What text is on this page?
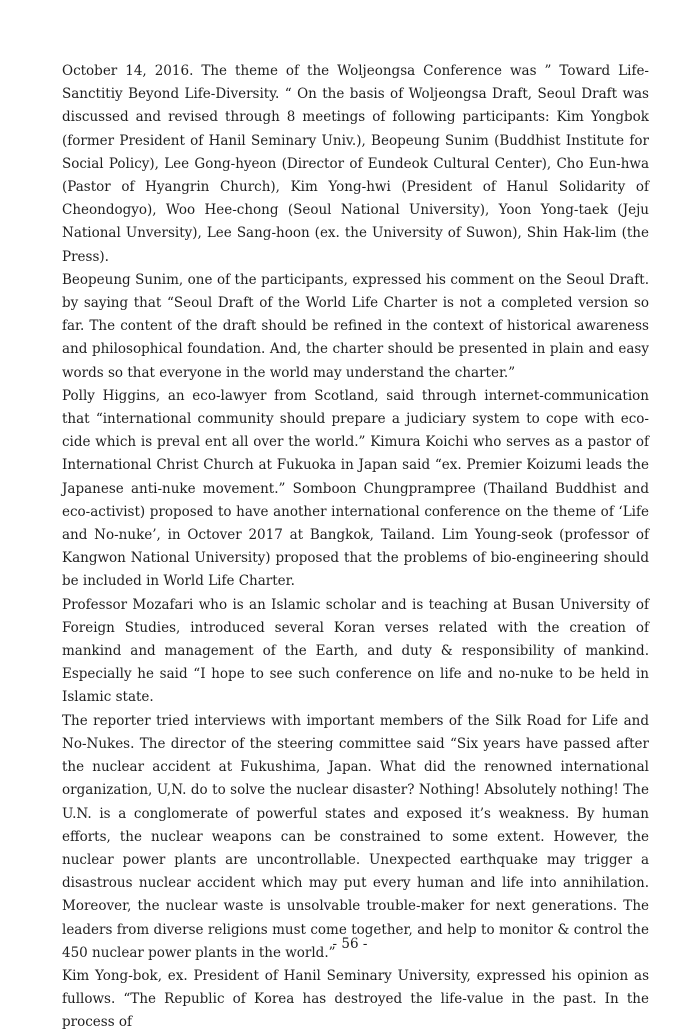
October 14, 2016. The theme of the Woljeongsa Conference was ” Toward Life-Sanctitiy Beyond Life-Diversity. “ On the basis of Woljeongsa Draft, Seoul Draft was discussed and revised through 8 meetings of following participants: Kim Yongbok (former President of Hanil Seminary Univ.), Beopeung Sunim (Buddhist Institute for Social Policy), Lee Gong-hyeon (Director of Eundeok Cultural Center), Cho Eun-hwa (Pastor of Hyangrin Church), Kim Yong-hwi (President of Hanul Solidarity of Cheondogyo), Woo Hee-chong (Seoul National University), Yoon Yong-taek (Jeju National Unversity), Lee Sang-hoon (ex. the University of Suwon), Shin Hak-lim (the Press).

Beopeung Sunim, one of the participants, expressed his comment on the Seoul Draft. by saying that “Seoul Draft of the World Life Charter is not a completed version so far. The content of the draft should be refined in the context of historical awareness and philosophical foundation. And, the charter should be presented in plain and easy words so that everyone in the world may understand the charter.”

Polly Higgins, an eco-lawyer from Scotland, said through internet-communication that “international community should prepare a judiciary system to cope with eco-cide which is preval ent all over the world.” Kimura Koichi who serves as a pastor of International Christ Church at Fukuoka in Japan said “ex. Premier Koizumi leads the Japanese anti-nuke movement.” Somboon Chungprampree (Thailand Buddhist and eco-activist) proposed to have another international conference on the theme of ‘Life and No-nuke’, in Octover 2017 at Bangkok, Tailand. Lim Young-seok (professor of Kangwon National University) proposed that the problems of bio-engineering should be included in World Life Charter.

Professor Mozafari who is an Islamic scholar and is teaching at Busan University of Foreign Studies, introduced several Koran verses related with the creation of mankind and management of the Earth, and duty & responsibility of mankind. Especially he said “I hope to see such conference on life and no-nuke to be held in Islamic state.

The reporter tried interviews with important members of the Silk Road for Life and No-Nukes. The director of the steering committee said “Six years have passed after the nuclear accident at Fukushima, Japan. What did the renowned international organization, U,N. do to solve the nuclear disaster? Nothing! Absolutely nothing! The U.N. is a conglomerate of powerful states and exposed it’s weakness. By human efforts, the nuclear weapons can be constrained to some extent. However, the nuclear power plants are uncontrollable. Unexpected earthquake may trigger a disastrous nuclear accident which may put every human and life into annihilation. Moreover, the nuclear waste is unsolvable trouble-maker for next generations. The leaders from diverse religions must come together, and help to monitor & control the 450 nuclear power plants in the world.”

Kim Yong-bok, ex. President of Hanil Seminary University, expressed his opinion as fullows. “The Republic of Korea has destroyed the life-value in the past. In the process of

- 56 -
